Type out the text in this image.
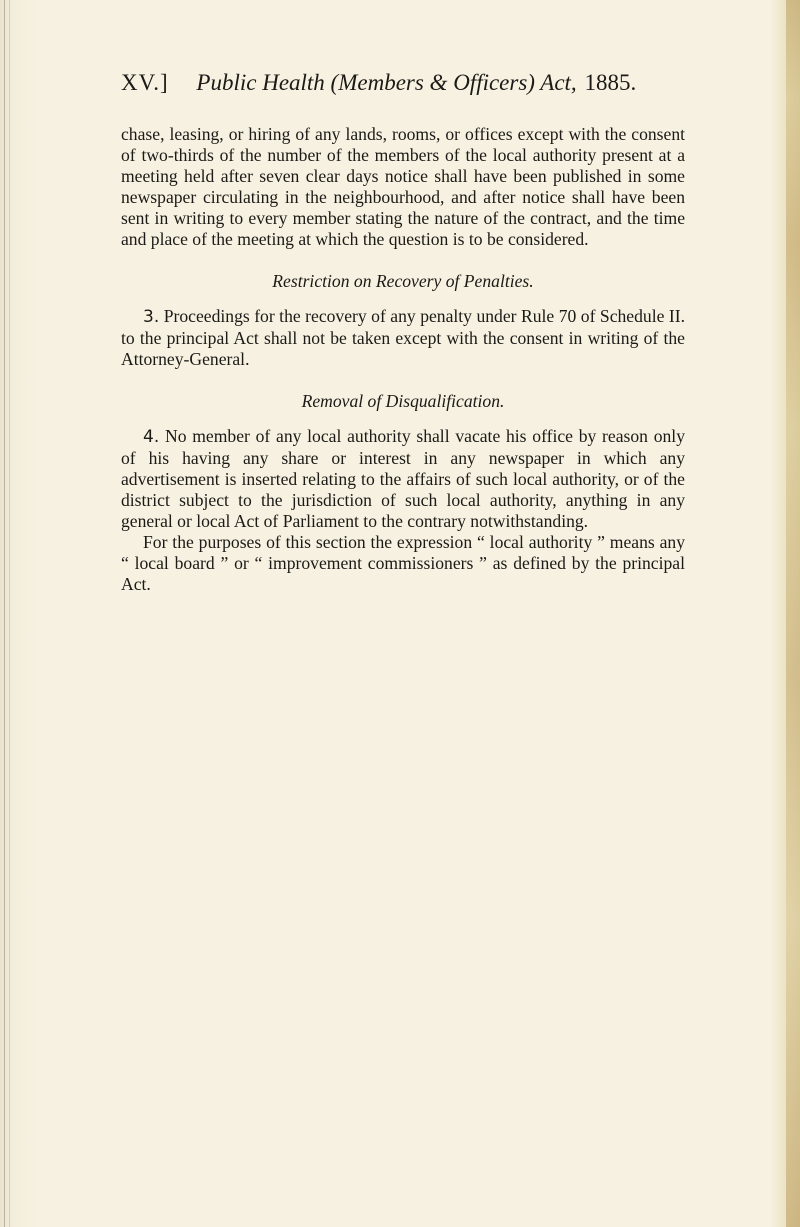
XV.] Public Health (Members & Officers) Act, 1885.

chase, leasing, or hiring of any lands, rooms, or offices except with the consent of two-thirds of the number of the members of the local authority present at a meeting held after seven clear days notice shall have been published in some newspaper circulating in the neighbourhood, and after notice shall have been sent in writing to every member stating the nature of the contract, and the time and place of the meeting at which the question is to be considered.

Restriction on Recovery of Penalties.

3. Proceedings for the recovery of any penalty under Rule 70 of Schedule II. to the principal Act shall not be taken except with the consent in writing of the Attorney-General.

Removal of Disqualification.

4. No member of any local authority shall vacate his office by reason only of his having any share or interest in any newspaper in which any advertisement is inserted relating to the affairs of such local authority, or of the district subject to the jurisdiction of such local authority, anything in any general or local Act of Parliament to the contrary notwithstanding.

For the purposes of this section the expression “ local authority ” means any “ local board ” or “ improvement commissioners ” as defined by the principal Act.
